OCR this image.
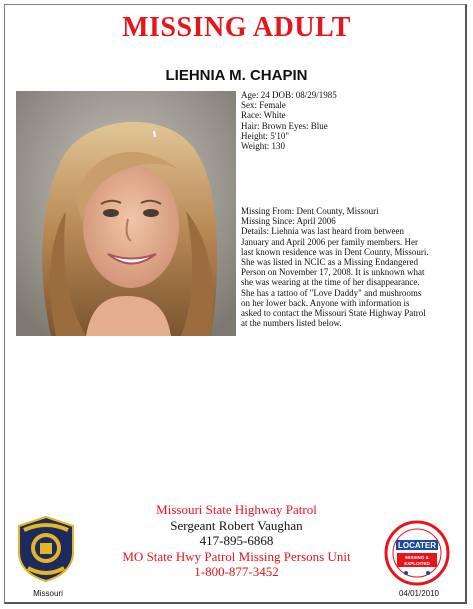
MISSING ADULT
LIEHNIA M. CHAPIN
Age: 24 DOB: 08/29/1985
Sex: Female
Race: White
Hair: Brown Eyes: Blue
Height: 5'10"
Weight: 130
Missing From: Dent County, Missouri
Missing Since: April 2006
Details: Liehnia was last heard from between
January and April 2006 per family members. Her
last known residence was in Dent County, Missouri.
She was listed in NCIC as a Missing Endangered
Person on November 17, 2008. It is unknown what
she was wearing at the time of her disappearance.
She has a tattoo of "Love Daddy" and mushrooms
on her lower back. Anyone with information is
asked to contact the Missouri State Highway Patrol
at the numbers listed below.
Missouri State Highway Patrol
Sergeant Robert Vaughan
417-895-6868
MO State Hwy Patrol Missing Persons Unit
1-800-877-3452
Missouri
LOCATER
MISSING &
EXPLOITED
04/01/2010
